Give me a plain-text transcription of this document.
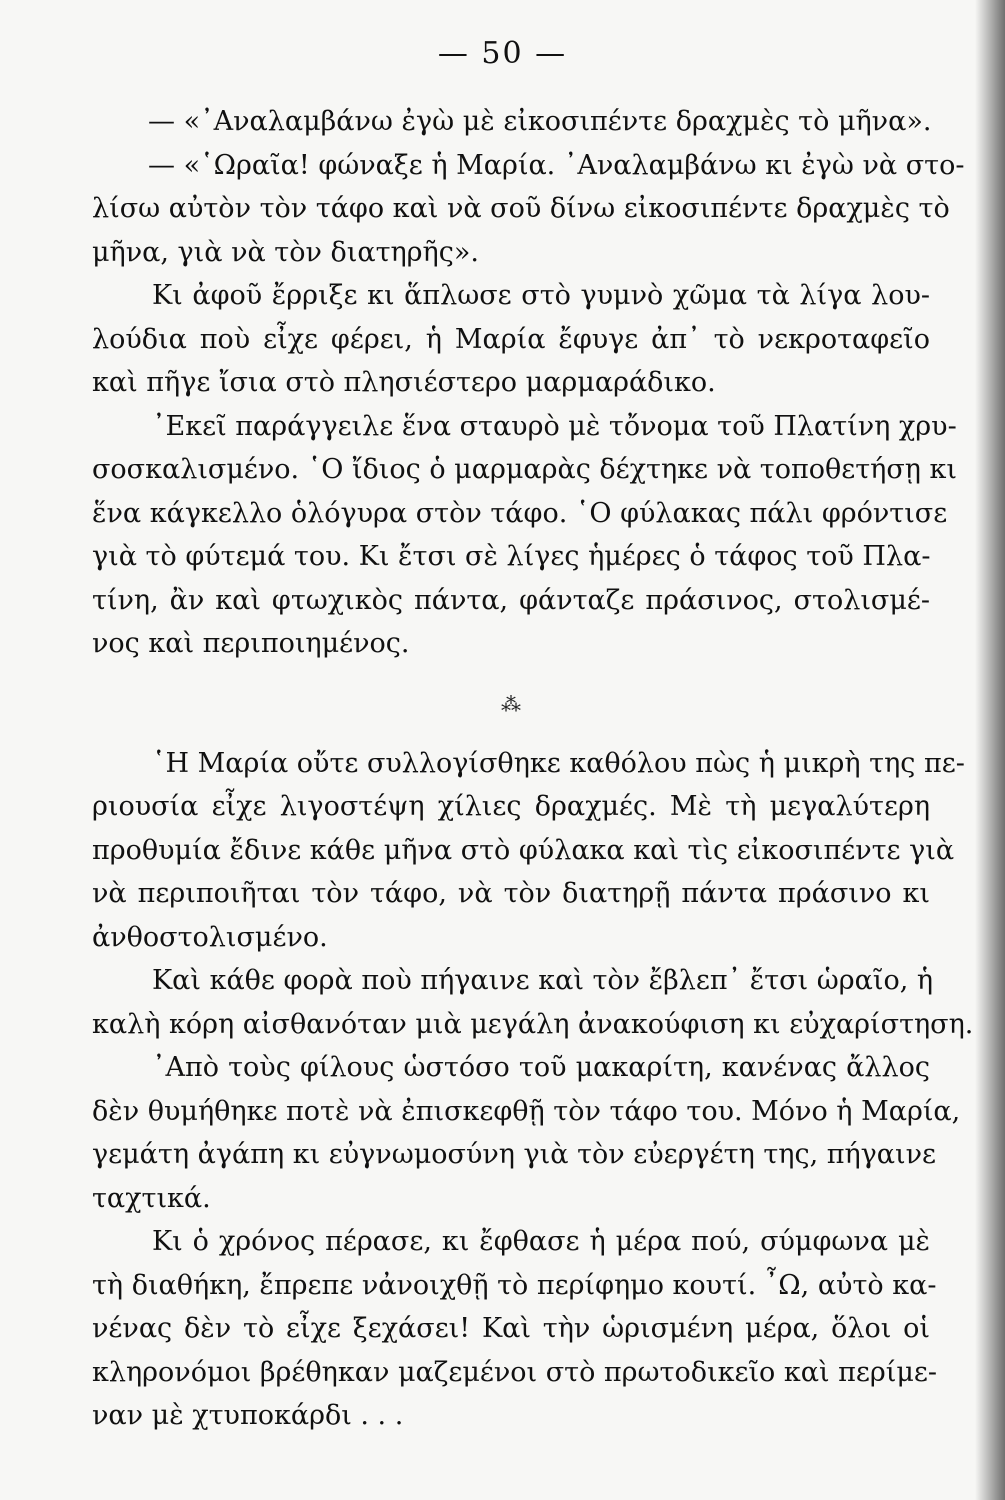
— 50 —
— «᾿Αναλαμβάνω ἐγὼ μὲ εἰκοσιπέντε δραχμὲς τὸ μῆνα».
— «῾Ωραῖα! φώναξε ἡ Μαρία. ᾿Αναλαμβάνω κι ἐγὼ νὰ στο-
λίσω αὐτὸν τὸν τάφο καὶ νὰ σοῦ δίνω εἰκοσιπέντε δραχμὲς τὸ
μῆνα, γιὰ νὰ τὸν διατηρῆς».
Κι ἀφοῦ ἔρριξε κι ἅπλωσε στὸ γυμνὸ χῶμα τὰ λίγα λου-
λούδια ποὺ εἶχε φέρει, ἡ Μαρία ἔφυγε ἀπ᾿ τὸ νεκροταφεῖο
καὶ πῆγε ἴσια στὸ πλησιέστερο μαρμαράδικο.
᾿Εκεῖ παράγγειλε ἕνα σταυρὸ μὲ τὄνομα τοῦ Πλατίνη χρυ-
σοσκαλισμένο. ῾Ο ἴδιος ὁ μαρμαρὰς δέχτηκε νὰ τοποθετήσῃ κι
ἕνα κάγκελλο ὁλόγυρα στὸν τάφο. ῾Ο φύλακας πάλι φρόντισε
γιὰ τὸ φύτεμά του. Κι ἔτσι σὲ λίγες ἡμέρες ὁ τάφος τοῦ Πλα-
τίνη, ἂν καὶ φτωχικὸς πάντα, φάνταζε πράσινος, στολισμέ-
νος καὶ περιποιημένος.
⁂
῾Η Μαρία οὔτε συλλογίσθηκε καθόλου πὼς ἡ μικρὴ της πε-
ριουσία εἶχε λιγοστέψη χίλιες δραχμές. Μὲ τὴ μεγαλύτερη
προθυμία ἔδινε κάθε μῆνα στὸ φύλακα καὶ τὶς εἰκοσιπέντε γιὰ
νὰ περιποιῆται τὸν τάφο, νὰ τὸν διατηρῇ πάντα πράσινο κι
ἀνθοστολισμένο.
Καὶ κάθε φορὰ ποὺ πήγαινε καὶ τὸν ἔβλεπ᾿ ἔτσι ὡραῖο, ἡ
καλὴ κόρη αἰσθανόταν μιὰ μεγάλη ἀνακούφιση κι εὐχαρίστηση.
᾿Απὸ τοὺς φίλους ὡστόσο τοῦ μακαρίτη, κανένας ἄλλος
δὲν θυμήθηκε ποτὲ νὰ ἐπισκεφθῇ τὸν τάφο του. Μόνο ἡ Μαρία,
γεμάτη ἀγάπη κι εὐγνωμοσύνη γιὰ τὸν εὐεργέτη της, πήγαινε
ταχτικά.
Κι ὁ χρόνος πέρασε, κι ἔφθασε ἡ μέρα πού, σύμφωνα μὲ
τὴ διαθήκη, ἔπρεπε νἀνοιχθῇ τὸ περίφημο κουτί. ῏Ω, αὐτὸ κα-
νένας δὲν τὸ εἶχε ξεχάσει! Καὶ τὴν ὡρισμένη μέρα, ὅλοι οἱ
κληρονόμοι βρέθηκαν μαζεμένοι στὸ πρωτοδικεῖο καὶ περίμε-
ναν μὲ χτυποκάρδι . . .
